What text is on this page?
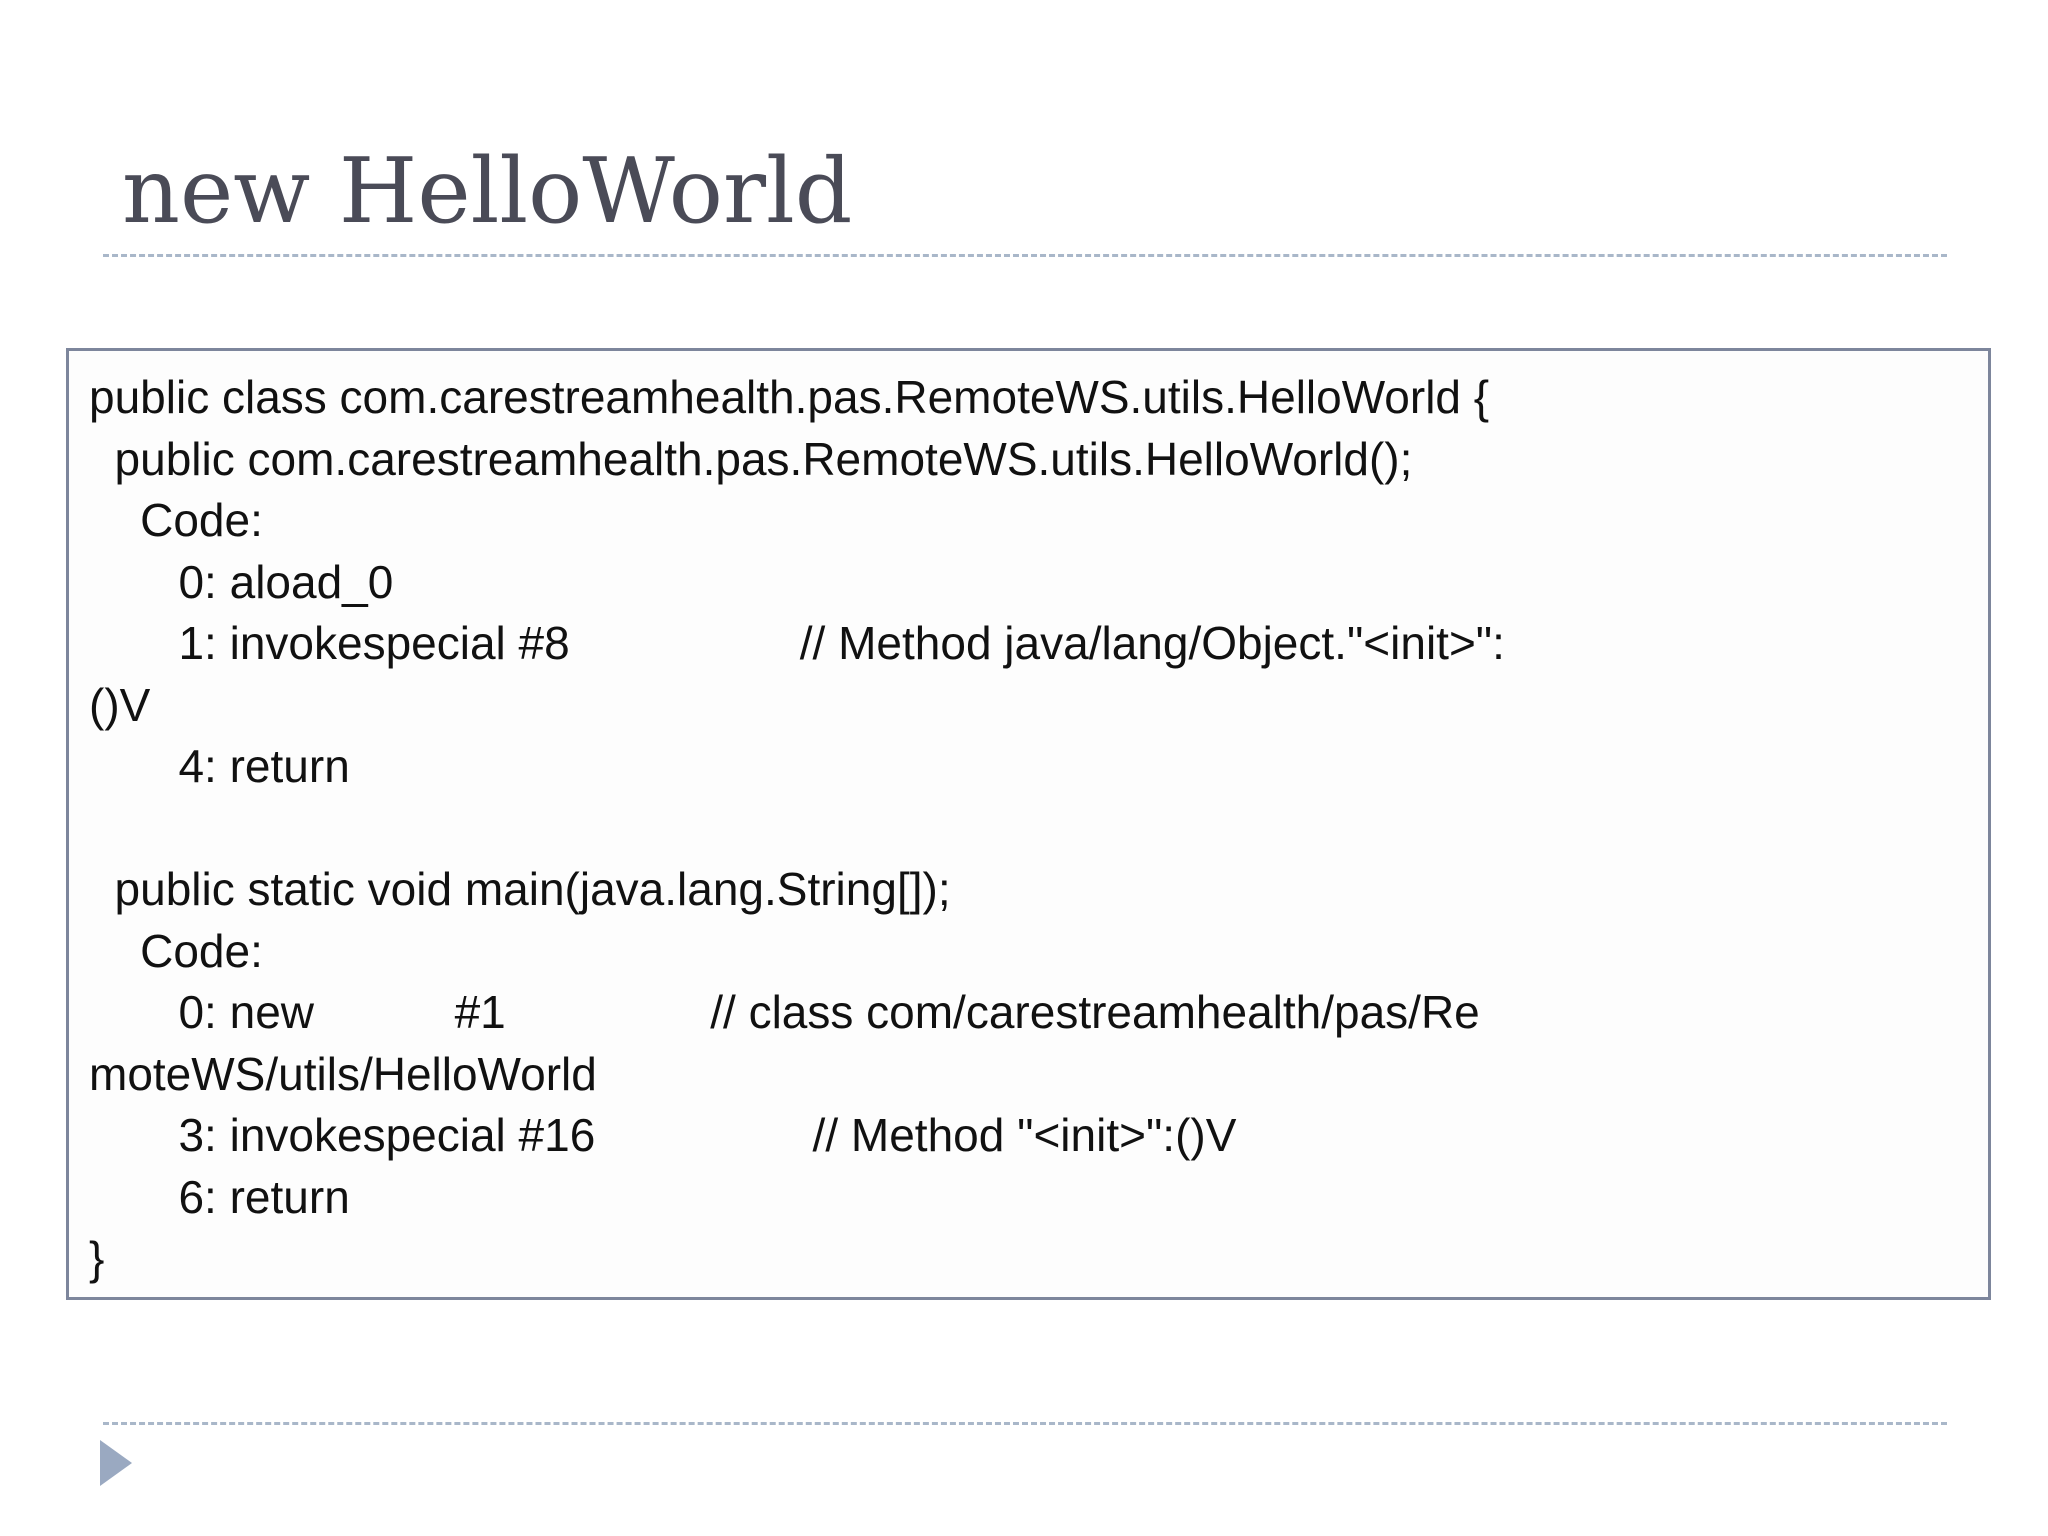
new HelloWorld
public class com.carestreamhealth.pas.RemoteWS.utils.HelloWorld {
public com.carestreamhealth.pas.RemoteWS.utils.HelloWorld();
Code:
0: aload_0
1: invokespecial #8                  // Method java/lang/Object."<init>":
()V
4: return
public static void main(java.lang.String[]);
Code:
0: new           #1                // class com/carestreamhealth/pas/Re
moteWS/utils/HelloWorld
3: invokespecial #16                 // Method "<init>":()V
6: return
}
